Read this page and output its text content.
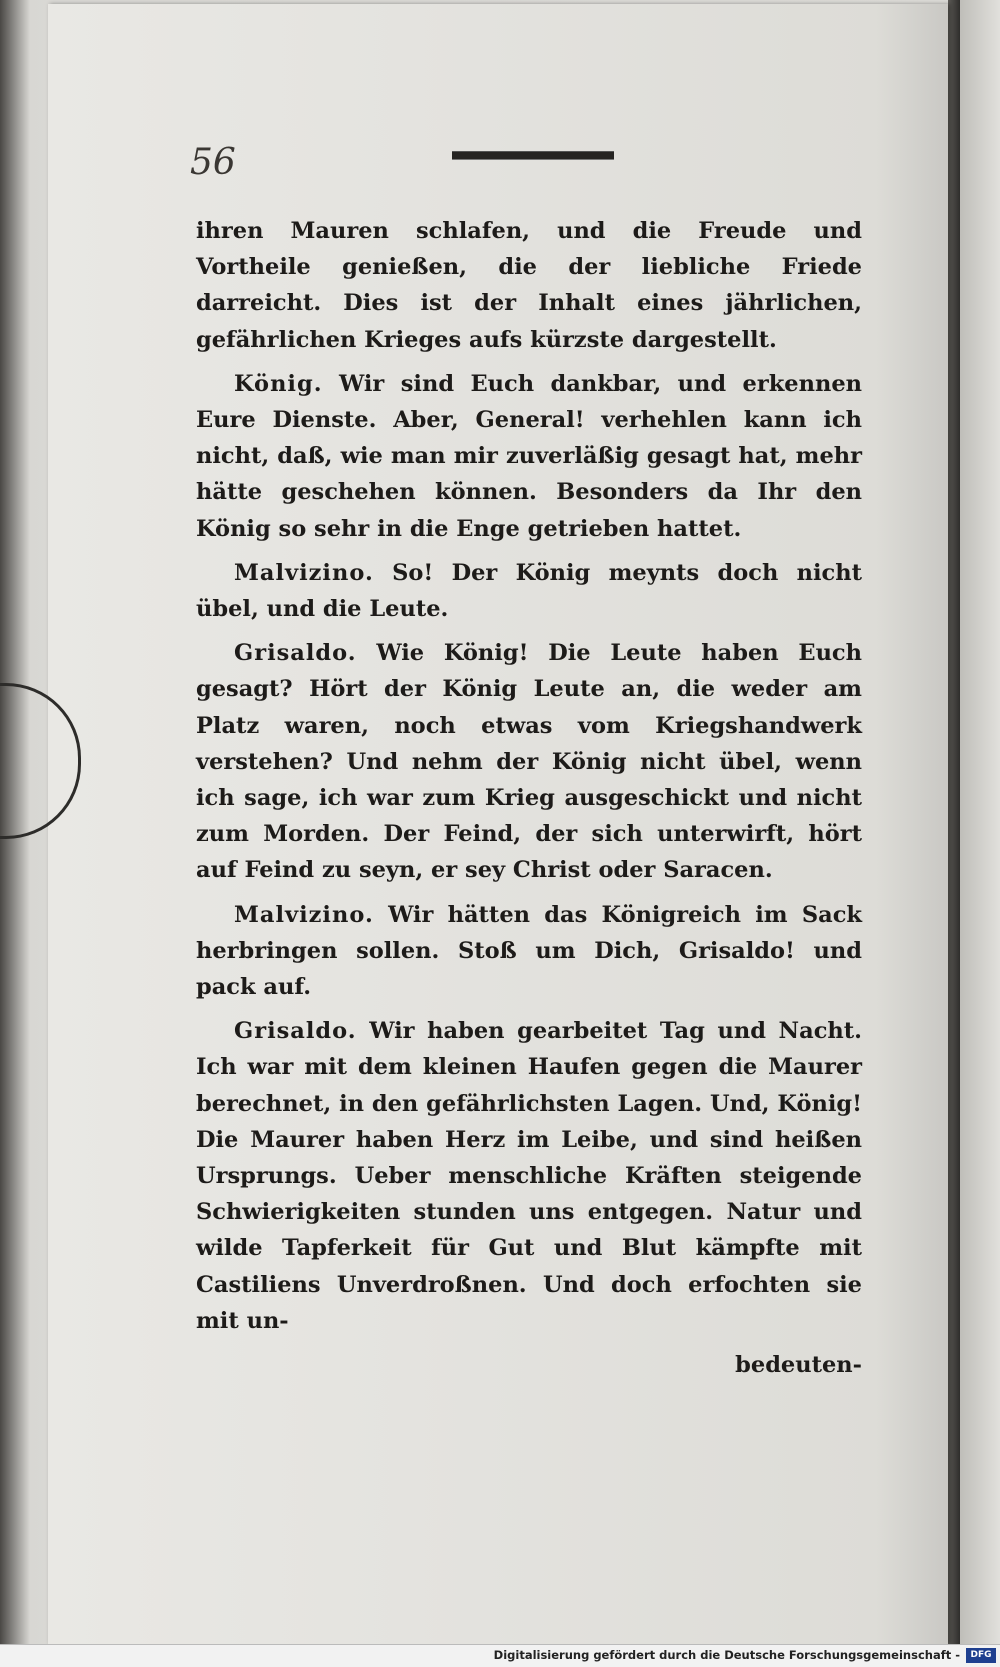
56

ihren Mauren schlafen, und die Freude und Vortheile genießen, die der liebliche Friede darreicht. Dies ist der Inhalt eines jährlichen, gefährlichen Krieges aufs kürzste dargestellt.

König. Wir sind Euch dankbar, und erkennen Eure Dienste. Aber, General! verhehlen kann ich nicht, daß, wie man mir zuverläßig gesagt hat, mehr hätte geschehen können. Besonders da Ihr den König so sehr in die Enge getrieben hattet.

Malvizino. So! Der König meynts doch nicht übel, und die Leute.

Grisaldo. Wie König! Die Leute haben Euch gesagt? Hört der König Leute an, die weder am Platz waren, noch etwas vom Kriegshandwerk verstehen? Und nehm der König nicht übel, wenn ich sage, ich war zum Krieg ausgeschickt und nicht zum Morden. Der Feind, der sich unterwirft, hört auf Feind zu seyn, er sey Christ oder Saracen.

Malvizino. Wir hätten das Königreich im Sack herbringen sollen. Stoß um Dich, Grisaldo! und pack auf.

Grisaldo. Wir haben gearbeitet Tag und Nacht. Ich war mit dem kleinen Haufen gegen die Maurer berechnet, in den gefährlichsten Lagen. Und, König! Die Maurer haben Herz im Leibe, und sind heißen Ursprungs. Ueber menschliche Kräften steigende Schwierigkeiten stunden uns entgegen. Natur und wilde Tapferkeit für Gut und Blut kämpfte mit Castiliens Unverdroßnen. Und doch erfochten sie mit un-

bedeuten-

Digitalisierung gefördert durch die Deutsche Forschungsgemeinschaft -	DFG
